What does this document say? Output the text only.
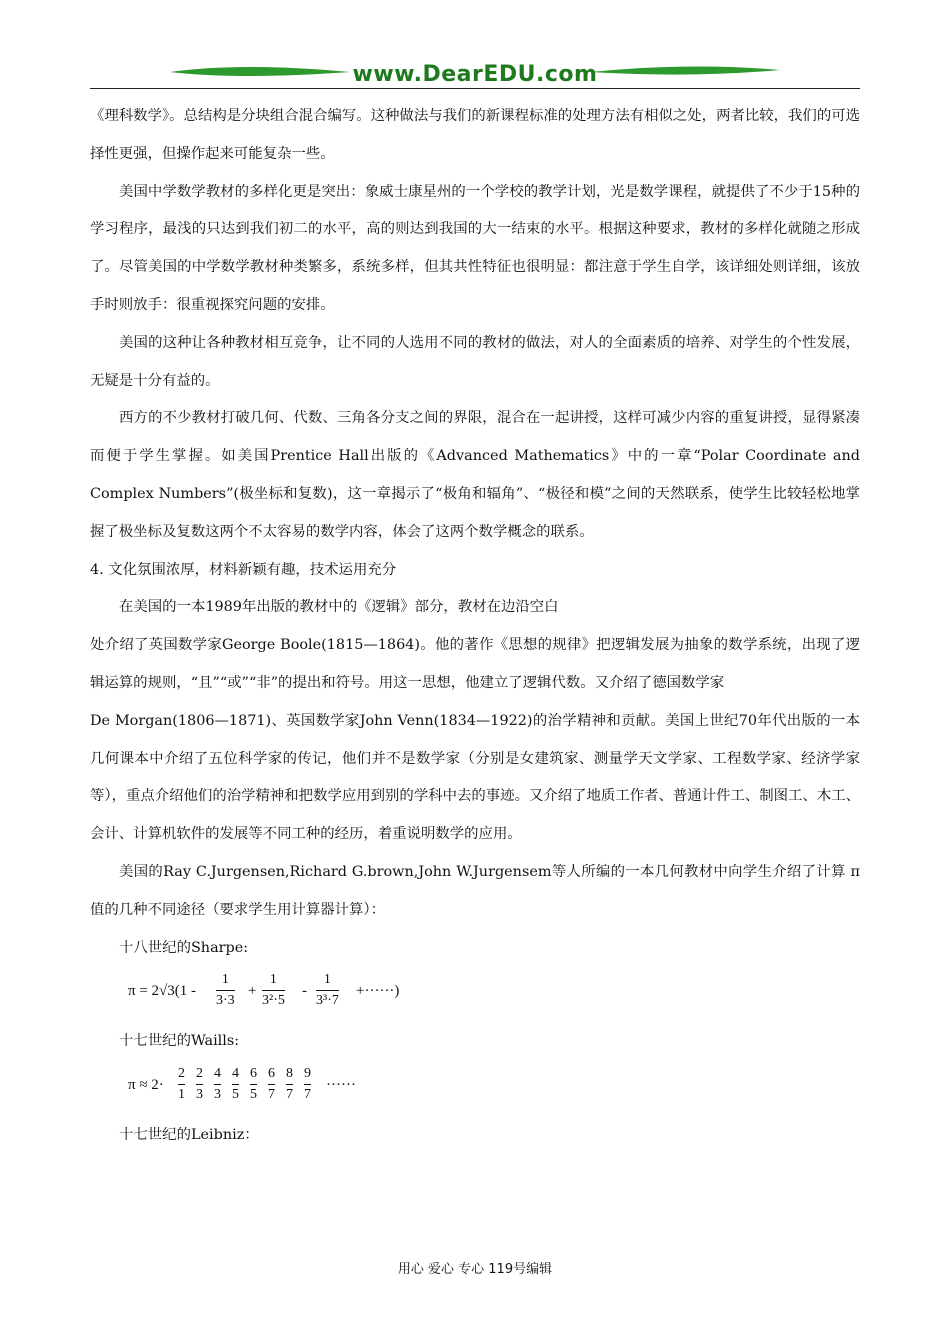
www.DearEDU.com

《理科数学》。总结构是分块组合混合编写。这种做法与我们的新课程标准的处理方法有相似之处，两者比较，我们的可选择性更强，但操作起来可能复杂一些。

美国中学数学教材的多样化更是突出：象威士康星州的一个学校的教学计划，光是数学课程，就提供了不少于15种的学习程序，最浅的只达到我们初二的水平，高的则达到我国的大一结束的水平。根据这种要求，教材的多样化就随之形成了。尽管美国的中学数学教材种类繁多，系统多样，但其共性特征也很明显：都注意于学生自学，该详细处则详细，该放手时则放手：很重视探究问题的安排。

美国的这种让各种教材相互竞争，让不同的人选用不同的教材的做法，对人的全面素质的培养、对学生的个性发展，无疑是十分有益的。

西方的不少教材打破几何、代数、三角各分支之间的界限，混合在一起讲授，这样可减少内容的重复讲授，显得紧凑而便于学生掌握。如美国Prentice Hall出版的《Advanced Mathematics》中的一章“Polar Coordinate and Complex Numbers”(极坐标和复数)，这一章揭示了“极角和辐角”、“极径和模”之间的天然联系，使学生比较轻松地掌握了极坐标及复数这两个不太容易的数学内容，体会了这两个数学概念的联系。

4. 文化氛围浓厚，材料新颖有趣，技术运用充分

在美国的一本1989年出版的教材中的《逻辑》部分，教材在边沿空白

处介绍了英国数学家George Boole(1815—1864)。他的著作《思想的规律》把逻辑发展为抽象的数学系统，出现了逻辑运算的规则，“且”“或”“非”的提出和符号。用这一思想，他建立了逻辑代数。又介绍了德国数学家

De Morgan(1806—1871)、英国数学家John Venn(1834—1922)的治学精神和贡献。美国上世纪70年代出版的一本几何课本中介绍了五位科学家的传记，他们并不是数学家（分别是女建筑家、测量学天文学家、工程数学家、经济学家等），重点介绍他们的治学精神和把数学应用到别的学科中去的事迹。又介绍了地质工作者、普通计件工、制图工、木工、会计、计算机软件的发展等不同工种的经历，着重说明数学的应用。

美国的Ray C.Jurgensen,Richard G.brown,John W.Jurgensem等人所编的一本几何教材中向学生介绍了计算 π 值的几种不同途径（要求学生用计算器计算）：

十八世纪的Sharpe:

π = 2√3(1 -
1
3·3
+
1
3²·5
-
1
3³·7
+······)

十七世纪的Waills:

π ≈ 2·
2
1
2
3
4
3
4
5
6
5
6
7
8
7
9
7
······

十七世纪的Leibniz：

用心 爱心 专心 119号编辑
